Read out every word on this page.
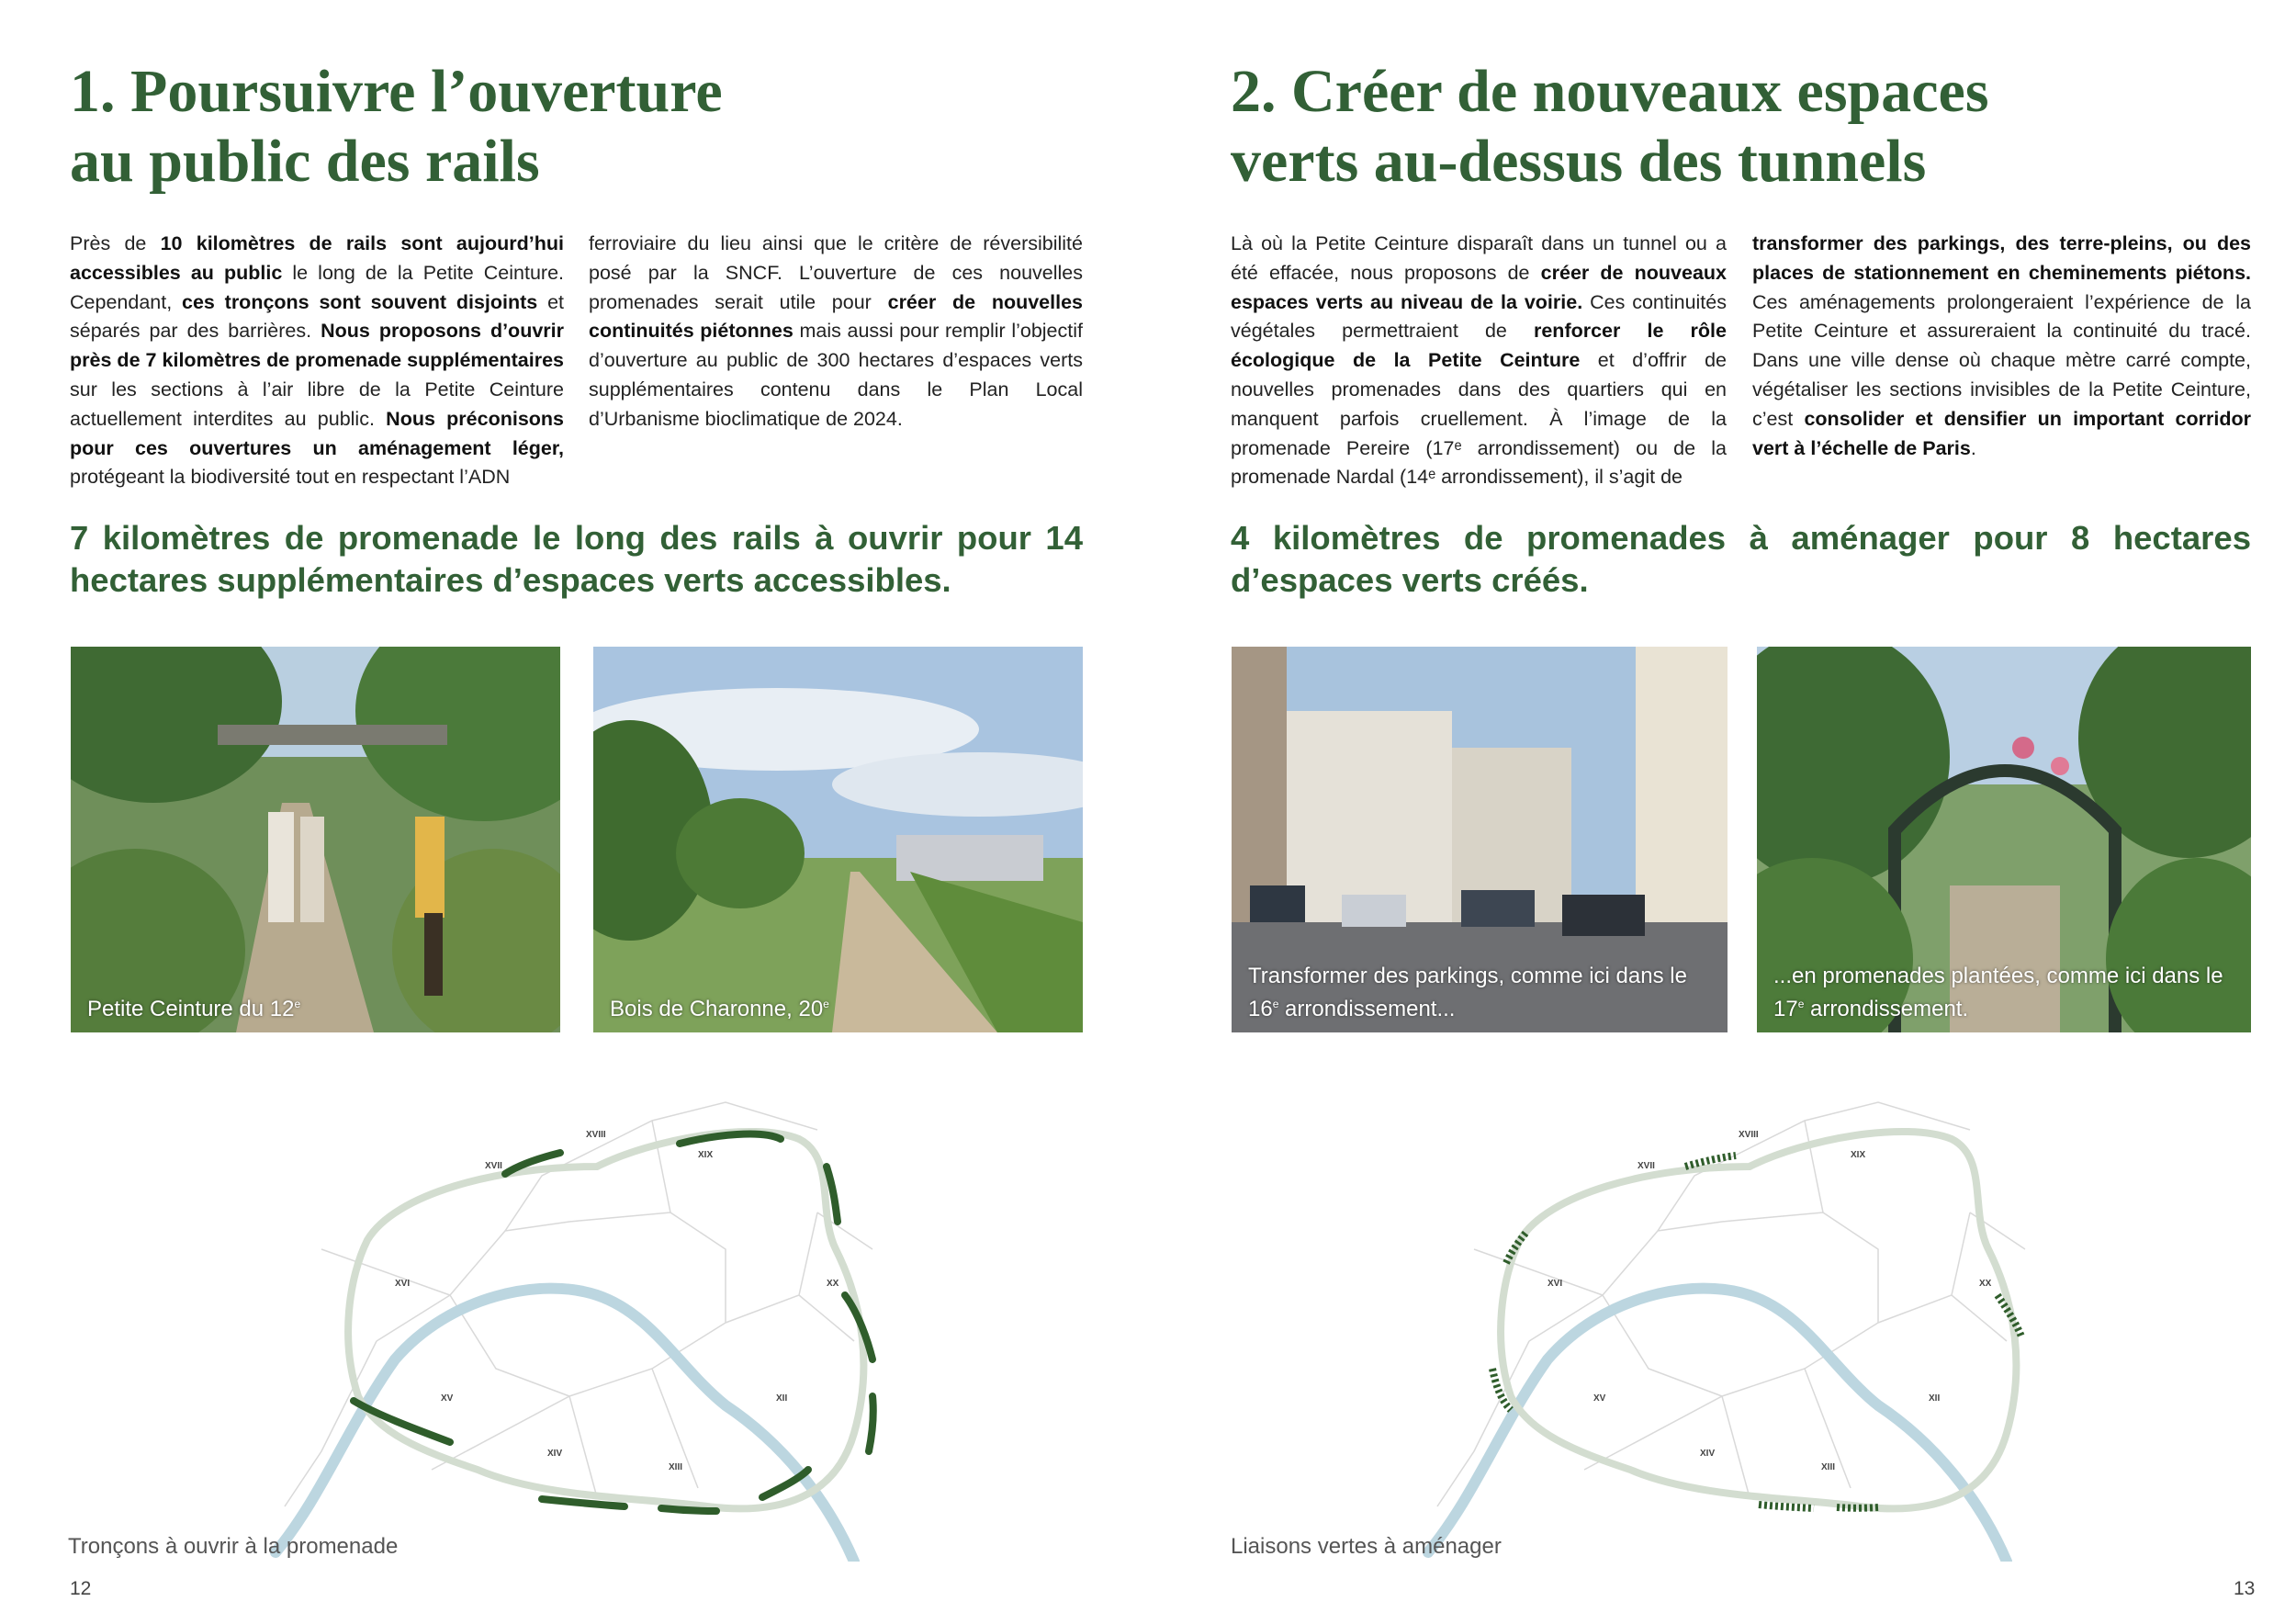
1. Poursuivre l’ouverture
au public des rails

Près de 10 kilomètres de rails sont aujourd’hui accessibles au public le long de la Petite Ceinture. Cependant, ces tronçons sont souvent disjoints et séparés par des barrières. Nous proposons d’ouvrir près de 7 kilomètres de promenade supplémentaires sur les sections à l’air libre de la Petite Ceinture actuellement interdites au public. Nous préconisons pour ces ouvertures un aménagement léger, protégeant la biodiversité tout en respectant l’ADN

ferroviaire du lieu ainsi que le critère de réversibilité posé par la SNCF. L’ouverture de ces nouvelles promenades serait utile pour créer de nouvelles continuités piétonnes mais aussi pour remplir l’objectif d’ouverture au public de 300 hectares d’espaces verts supplémentaires contenu dans le Plan Local d’Urbanisme bioclimatique de 2024.

7 kilomètres de promenade le long des rails à ouvrir pour 14 hectares supplémentaires d’espaces verts accessibles.

Petite Ceinture du 12e	Bois de Charonne, 20e
XVIII
XVII
XIX
XX
XVI
XV
XIV
XIII
XII
Tronçons à ouvrir à la promenade
12
2. Créer de nouveaux espaces
verts au-dessus des tunnels

Là où la Petite Ceinture disparaît dans un tunnel ou a été effacée, nous proposons de créer de nouveaux espaces verts au niveau de la voirie. Ces continuités végétales permettraient de renforcer le rôle écologique de la Petite Ceinture et d’offrir de nouvelles promenades dans des quartiers qui en manquent parfois cruellement. À l’image de la promenade Pereire (17ᵉ arrondissement) ou de la promenade Nardal (14ᵉ arrondissement), il s’agit de

transformer des parkings, des terre-pleins, ou des places de stationnement en cheminements piétons. Ces aménagements prolongeraient l’expérience de la Petite Ceinture et assureraient la continuité du tracé. Dans une ville dense où chaque mètre carré compte, végétaliser les sections invisibles de la Petite Ceinture, c’est consolider et densifier un important corridor vert à l’échelle de Paris.

4 kilomètres de promenades à aménager pour 8 hectares d’espaces verts créés.

Transformer des parkings, comme ici dans le
16e arrondissement...
...en promenades plantées, comme ici dans le
17e arrondissement.
XVIII
XVII
XIX
XX
XVI
XV
XIV
XIII
XII
Liaisons vertes à aménager
13
